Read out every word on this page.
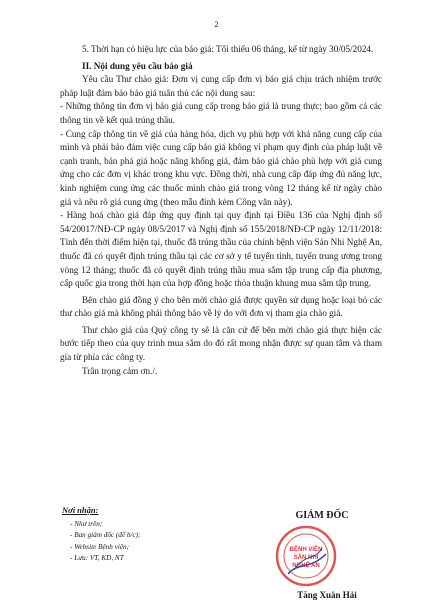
2

5. Thời hạn có hiệu lực của báo giá: Tối thiểu 06 tháng, kể từ ngày 30/05/2024.

II. Nội dung yêu cầu báo giá

Yêu cầu Thư chào giá: Đơn vị cung cấp đơn vị báo giá chịu trách nhiệm trước pháp luật đảm bảo báo giá tuân thủ các nội dung sau:

- Những thông tin đơn vị báo giá cung cấp trong báo giá là trung thực; bao gồm cả các thông tin về kết quả trúng thầu.

- Cung cấp thông tin về giá của hàng hóa, dịch vụ phù hợp với khả năng cung cấp của mình và phải bảo đảm việc cung cấp báo giá không vi phạm quy định của pháp luật về cạnh tranh, bán phá giá hoặc nâng khống giá, đảm bảo giá chào phù hợp với giá cung ứng cho các đơn vị khác trong khu vực. Đồng thời, nhà cung cấp đáp ứng đủ năng lực, kinh nghiệm cung ứng các thuốc mình chào giá trong vòng 12 tháng kể từ ngày chào giá và nêu rõ giá cung ứng (theo mẫu đính kèm Công văn này).

- Hàng hoá chào giá đáp ứng quy định tại quy định tại Điều 136 của Nghị định số 54/20017/NĐ-CP ngày 08/5/2017 và Nghị định số 155/2018/NĐ-CP ngày 12/11/2018: Tính đến thời điểm hiện tại, thuốc đã trúng thầu của chính bệnh viện Sản Nhi Nghệ An, thuốc đã có quyết định trúng thầu tại các cơ sở y tế tuyến tỉnh, tuyến trung ương trong vòng 12 tháng; thuốc đã có quyết định trúng thầu mua sắm tập trung cấp địa phương, cấp quốc gia trong thời hạn của hợp đồng hoặc thỏa thuận khung mua sắm tập trung.

Bên chào giá đồng ý cho bên mời chào giá được quyền sử dụng hoặc loại bỏ các thư chào giá mà không phải thông báo về lý do với đơn vị tham gia chào giá.

Thư chào giá của Quý công ty sẽ là căn cứ để bên mời chào giá thực hiện các bước tiếp theo của quy trình mua sắm do đó rất mong nhận được sự quan tâm và tham gia từ phía các công ty.

Trân trọng cảm ơn./.

Nơi nhận:
- Như trên;
- Ban giám đốc (để b/c);
- Website Bệnh viện;
- Lưu: VT, KD, NT
GIÁM ĐỐC
BỆNH VIỆN
SẢN NHI
NGHỆ AN
Tăng Xuân Hải
